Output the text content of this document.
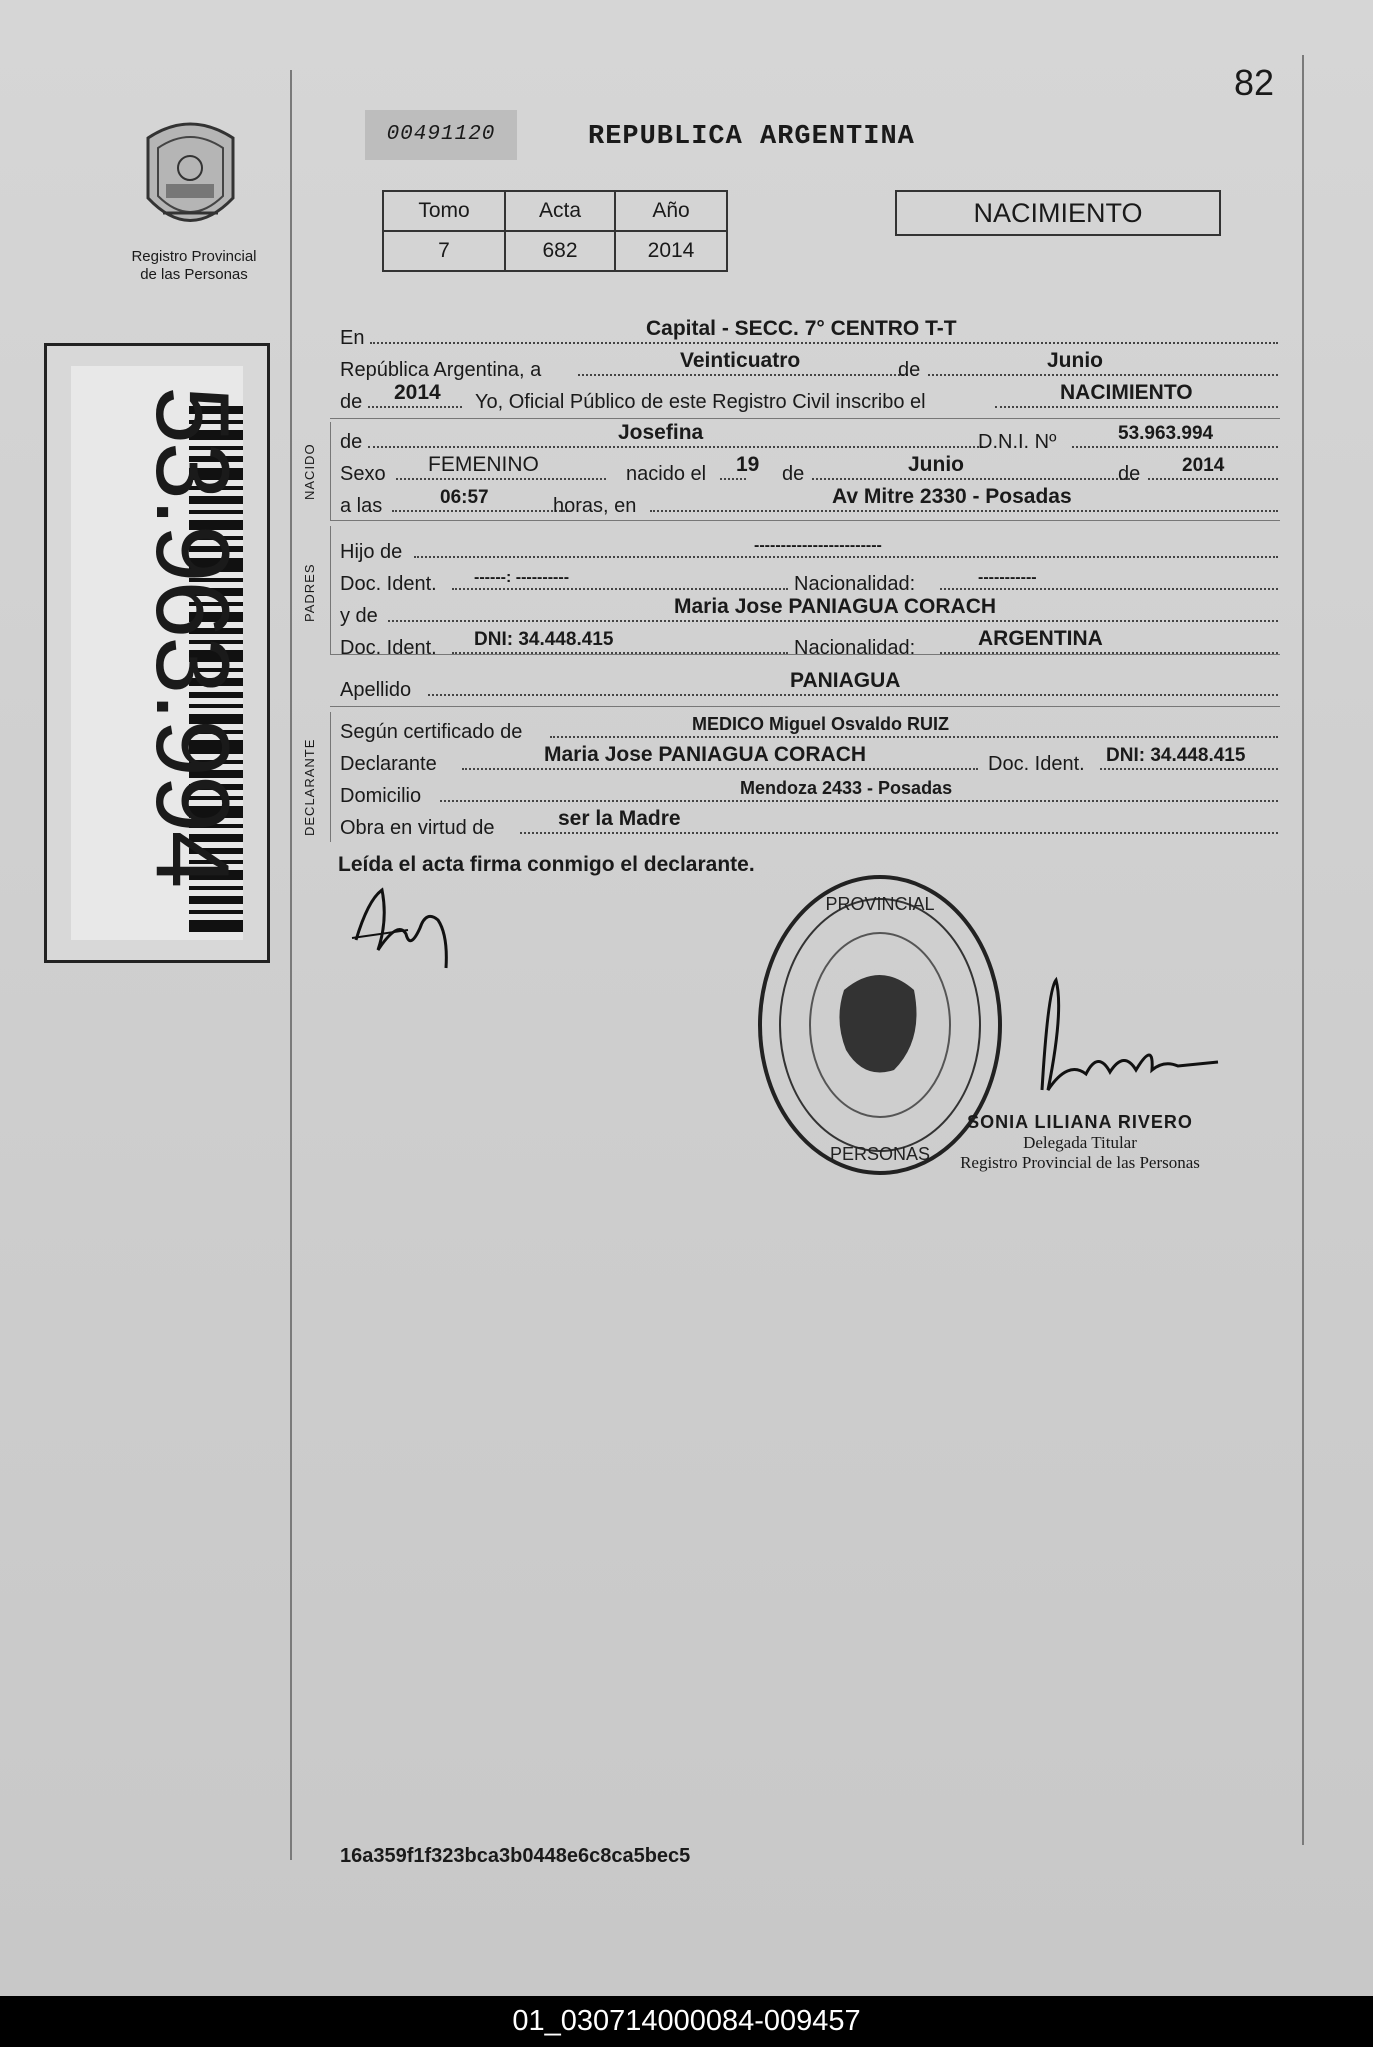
82
00491120	REPUBLICA ARGENTINA
Registro Provincial
de las Personas
53.963.994
Tomo	Acta	Año
7	682	2014
NACIMIENTO
En	Capital - SECC. 7° CENTRO T-T
República Argentina, a	Veinticuatro	de	Junio
de 2014 Yo, Oficial Público de este Registro Civil inscribo el	NACIMIENTO
NACIDO
de	Josefina	D.N.I. Nº	53.963.994
Sexo FEMENINO	nacido el 19 de	Junio	de 2014
a las	06:57	horas, en	Av Mitre 2330 - Posadas
PADRES
Hijo de	------------------------
Doc. Ident. ------: ----------	Nacionalidad:	-----------
y de	Maria Jose PANIAGUA CORACH
Doc. Ident. DNI: 34.448.415	Nacionalidad:	ARGENTINA
Apellido	PANIAGUA
DECLARANTE
Según certificado de	MEDICO Miguel Osvaldo RUIZ
Declarante	Maria Jose PANIAGUA CORACH	Doc. Ident. DNI: 34.448.415
Domicilio	Mendoza 2433 - Posadas
Obra en virtud de	ser la Madre
Leída el acta firma conmigo el declarante.
PROVINCIAL
PERSONAS
SONIA LILIANA RIVERO
Delegada Titular
Registro Provincial de las Personas
16a359f1f323bca3b0448e6c8ca5bec5
01_030714000084-009457
